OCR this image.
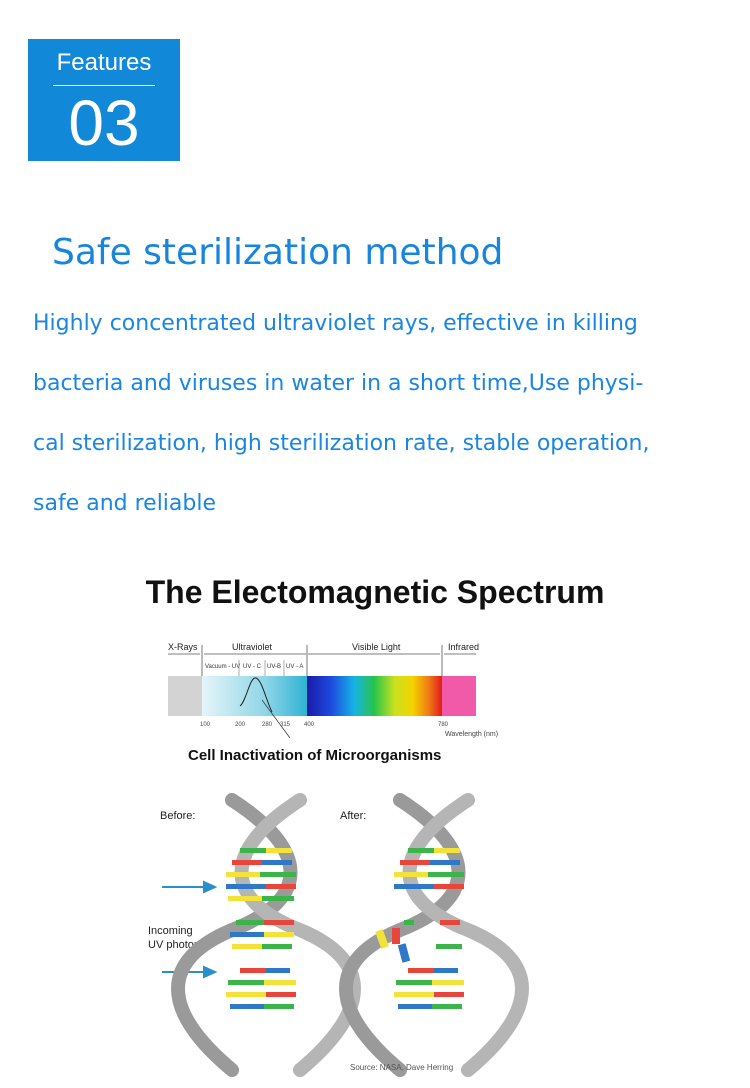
Features
03
Safe sterilization method
Highly concentrated ultraviolet rays, effective in killing
bacteria and viruses in water in a short time,Use physi-
cal sterilization, high sterilization rate, stable operation,
safe and reliable
The Electomagnetic Spectrum
X-Rays	Ultraviolet	Visible Light	Infrared
Vacuum - UV UV - C UV-B UV - A
100	200	280 315 400	780
Wavelength (nm)
Cell Inactivation of Microorganisms
Before:	After:
Incoming
UV photon
Source: NASA, Dave Herring
